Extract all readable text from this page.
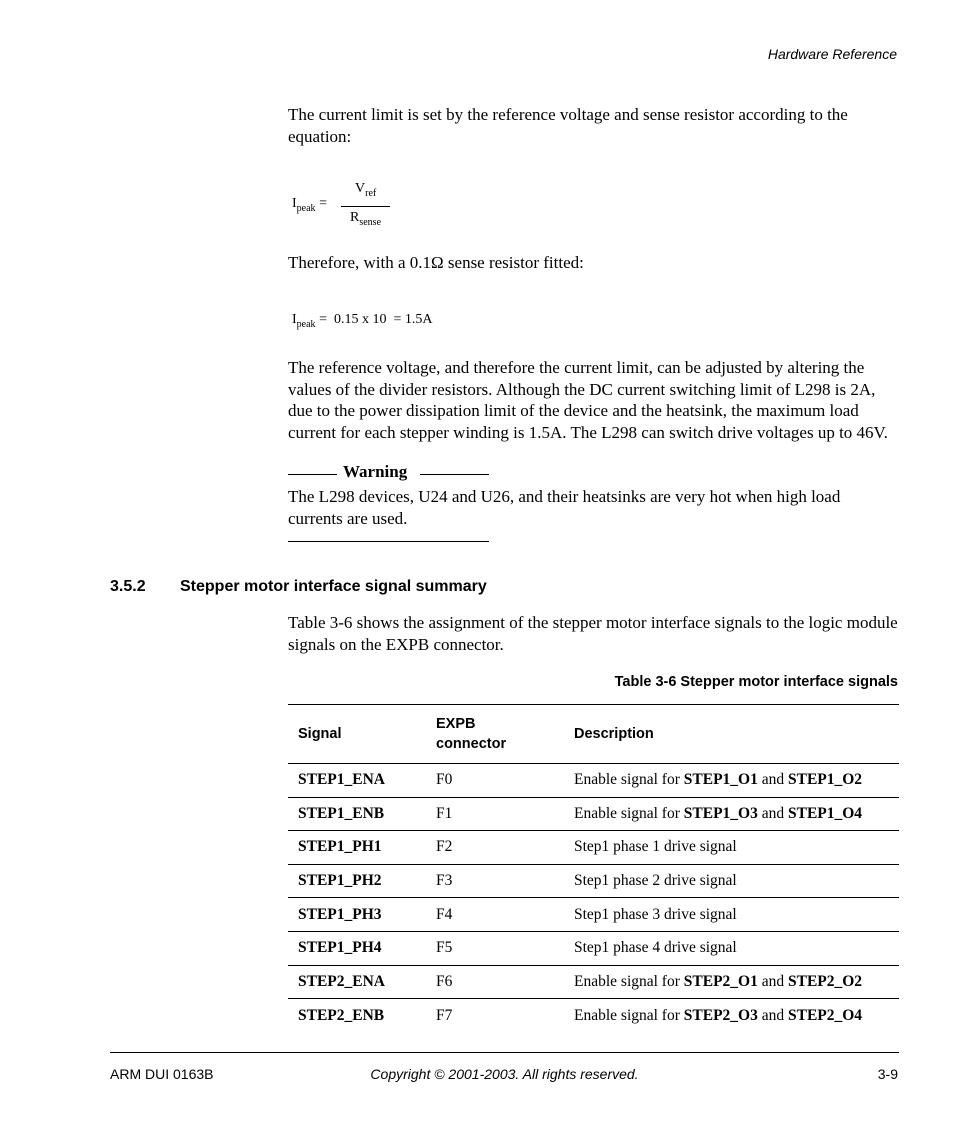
Hardware Reference

The current limit is set by the reference voltage and sense resistor according to the equation:

$I_{peak}$ =
$V_{ref}$
$R_{sense}$

Therefore, with a 0.1Ω sense resistor fitted:

$I_{peak} = 0.15$ x 10  = 1.5A

The reference voltage, and therefore the current limit, can be adjusted by altering the values of the divider resistors. Although the DC current switching limit of L298 is 2A, due to the power dissipation limit of the device and the heatsink, the maximum load current for each stepper winding is 1.5A. The L298 can switch drive voltages up to 46V.

Warning

The L298 devices, U24 and U26, and their heatsinks are very hot when high load currents are used.

3.5.2 Stepper motor interface signal summary

Table 3-6 shows the assignment of the stepper motor interface signals to the logic module signals on the EXPB connector.

Table 3-6 Stepper motor interface signals
Signal	EXPB connector	Description
STEP1_ENA	F0	Enable signal for STEP1_O1 and STEP1_O2
STEP1_ENB	F1	Enable signal for STEP1_O3 and STEP1_O4
STEP1_PH1	F2	Step1 phase 1 drive signal
STEP1_PH2	F3	Step1 phase 2 drive signal
STEP1_PH3	F4	Step1 phase 3 drive signal
STEP1_PH4	F5	Step1 phase 4 drive signal
STEP2_ENA	F6	Enable signal for STEP2_O1 and STEP2_O2
STEP2_ENB	F7	Enable signal for STEP2_O3 and STEP2_O4
ARM DUI 0163B	Copyright © 2001-2003. All rights reserved.	3-9
